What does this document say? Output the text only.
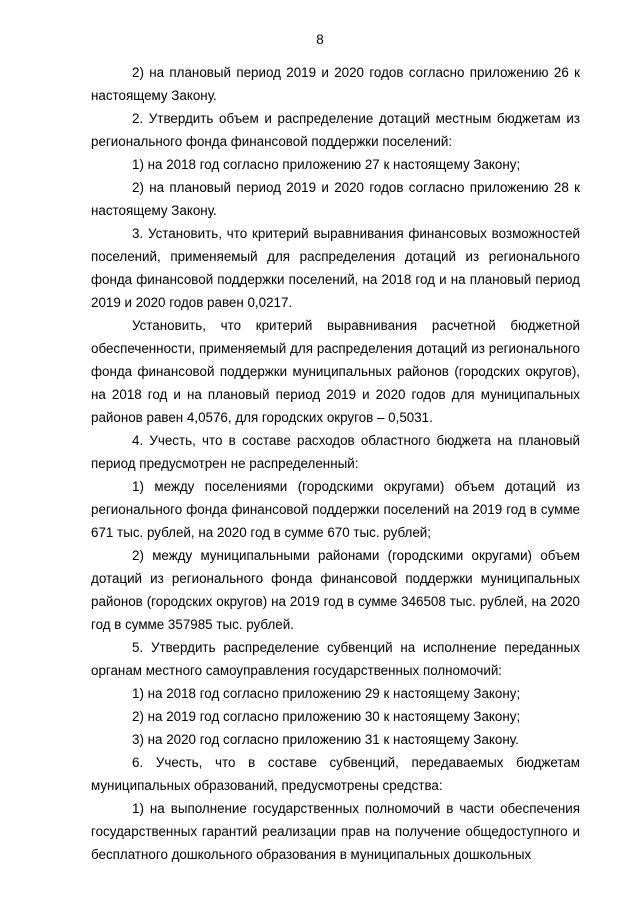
8

2) на плановый период 2019 и 2020 годов согласно приложению 26 к настоящему Закону.

2. Утвердить объем и распределение дотаций местным бюджетам из регионального фонда финансовой поддержки поселений:

1) на 2018 год согласно приложению 27 к настоящему Закону;

2) на плановый период 2019 и 2020 годов согласно приложению 28 к настоящему Закону.

3. Установить, что критерий выравнивания финансовых возможностей поселений, применяемый для распределения дотаций из регионального фонда финансовой поддержки поселений, на 2018 год и на плановый период 2019 и 2020 годов равен 0,0217.

Установить, что критерий выравнивания расчетной бюджетной обеспеченности, применяемый для распределения дотаций из регионального фонда финансовой поддержки муниципальных районов (городских округов), на 2018 год и на плановый период 2019 и 2020 годов для муниципальных районов равен 4,0576, для городских округов – 0,5031.

4. Учесть, что в составе расходов областного бюджета на плановый период предусмотрен не распределенный:

1) между поселениями (городскими округами) объем дотаций из регионального фонда финансовой поддержки поселений на 2019 год в сумме 671 тыс. рублей, на 2020 год в сумме 670 тыс. рублей;

2) между муниципальными районами (городскими округами) объем дотаций из регионального фонда финансовой поддержки муниципальных районов (городских округов) на 2019 год в сумме 346508 тыс. рублей, на 2020 год в сумме 357985 тыс. рублей.

5. Утвердить распределение субвенций на исполнение переданных органам местного самоуправления государственных полномочий:

1) на 2018 год согласно приложению 29 к настоящему Закону;

2) на 2019 год согласно приложению 30 к настоящему Закону;

3) на 2020 год согласно приложению 31 к настоящему Закону.

6. Учесть, что в составе субвенций, передаваемых бюджетам муниципальных образований, предусмотрены средства:

1) на выполнение государственных полномочий в части обеспечения государственных гарантий реализации прав на получение общедоступного и бесплатного дошкольного образования в муниципальных дошкольных
